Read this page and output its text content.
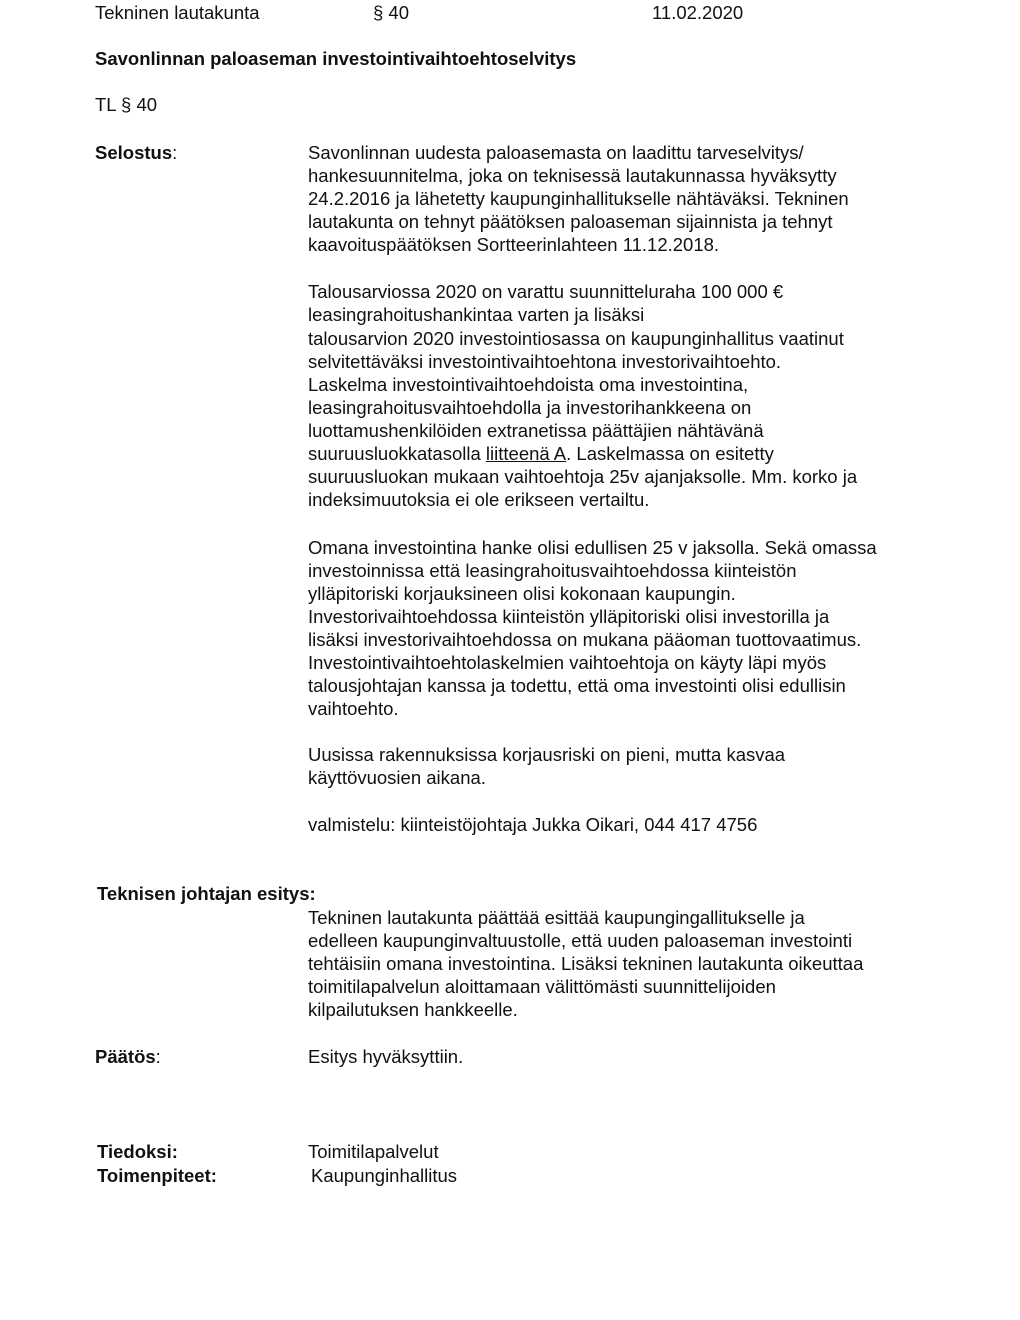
Tekninen lautakunta	§ 40	11.02.2020
Savonlinnan paloaseman investointivaihtoehtoselvitys
TL § 40
Selostus:	Savonlinnan uudesta paloasemasta on laadittu tarveselvitys/
hankesuunnitelma, joka on teknisessä lautakunnassa hyväksytty
24.2.2016 ja lähetetty kaupunginhallitukselle nähtäväksi. Tekninen
lautakunta on tehnyt päätöksen paloaseman sijainnista ja tehnyt
kaavoituspäätöksen Sortteerinlahteen 11.12.2018.
Talousarviossa 2020 on varattu suunnitteluraha 100 000 €
leasingrahoitushankintaa varten ja lisäksi
talousarvion 2020 investointiosassa on kaupunginhallitus vaatinut
selvitettäväksi investointivaihtoehtona investorivaihtoehto.
Laskelma investointivaihtoehdoista oma investointina,
leasingrahoitusvaihtoehdolla ja investorihankkeena on
luottamushenkilöiden extranetissa päättäjien nähtävänä
suuruusluokkatasolla liitteenä A. Laskelmassa on esitetty
suuruusluokan mukaan vaihtoehtoja 25v ajanjaksolle. Mm. korko ja
indeksimuutoksia ei ole erikseen vertailtu.
Omana investointina hanke olisi edullisen 25 v jaksolla. Sekä omassa
investoinnissa että leasingrahoitusvaihtoehdossa kiinteistön
ylläpitoriski korjauksineen olisi kokonaan kaupungin.
Investorivaihtoehdossa kiinteistön ylläpitoriski olisi investorilla ja
lisäksi investorivaihtoehdossa on mukana pääoman tuottovaatimus.
Investointivaihtoehtolaskelmien vaihtoehtoja on käyty läpi myös
talousjohtajan kanssa ja todettu, että oma investointi olisi edullisin
vaihtoehto.
Uusissa rakennuksissa korjausriski on pieni, mutta kasvaa
käyttövuosien aikana.
valmistelu: kiinteistöjohtaja Jukka Oikari, 044 417 4756
Teknisen johtajan esitys:
Tekninen lautakunta päättää esittää kaupungingallitukselle ja
edelleen kaupunginvaltuustolle, että uuden paloaseman investointi
tehtäisiin omana investointina. Lisäksi tekninen lautakunta oikeuttaa
toimitilapalvelun aloittamaan välittömästi suunnittelijoiden
kilpailutuksen hankkeelle.
Päätös:	Esitys hyväksyttiin.
Tiedoksi:	Toimitilapalvelut
Toimenpiteet:	Kaupunginhallitus
